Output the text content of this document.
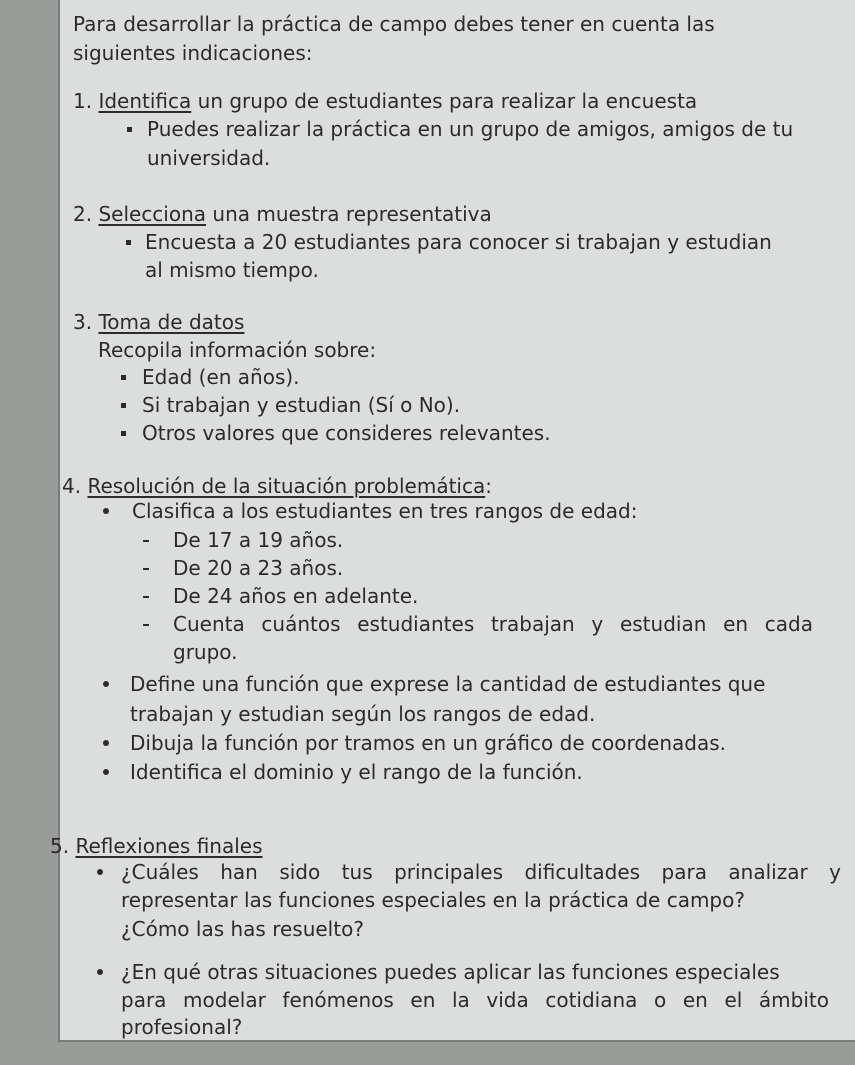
Para desarrollar la práctica de campo debes tener en cuenta las
siguientes indicaciones:
1. Identifica un grupo de estudiantes para realizar la encuesta
Puedes realizar la práctica en un grupo de amigos, amigos de tu
universidad.
2. Selecciona una muestra representativa
Encuesta a 20 estudiantes para conocer si trabajan y estudian
al mismo tiempo.
3. Toma de datos
Recopila información sobre:
Edad (en años).
Si trabajan y estudian (Sí o No).
Otros valores que consideres relevantes.
4. Resolución de la situación problemática:
Clasifica a los estudiantes en tres rangos de edad:
De 17 a 19 años.
De 20 a 23 años.
De 24 años en adelante.
Cuenta cuántos estudiantes trabajan y estudian en cada
grupo.
Define una función que exprese la cantidad de estudiantes que
trabajan y estudian según los rangos de edad.
Dibuja la función por tramos en un gráfico de coordenadas.
Identifica el dominio y el rango de la función.
5. Reflexiones finales
¿Cuáles han sido tus principales dificultades para analizar y
representar las funciones especiales en la práctica de campo?
¿Cómo las has resuelto?
¿En qué otras situaciones puedes aplicar las funciones especiales
para modelar fenómenos en la vida cotidiana o en el ámbito
profesional?
